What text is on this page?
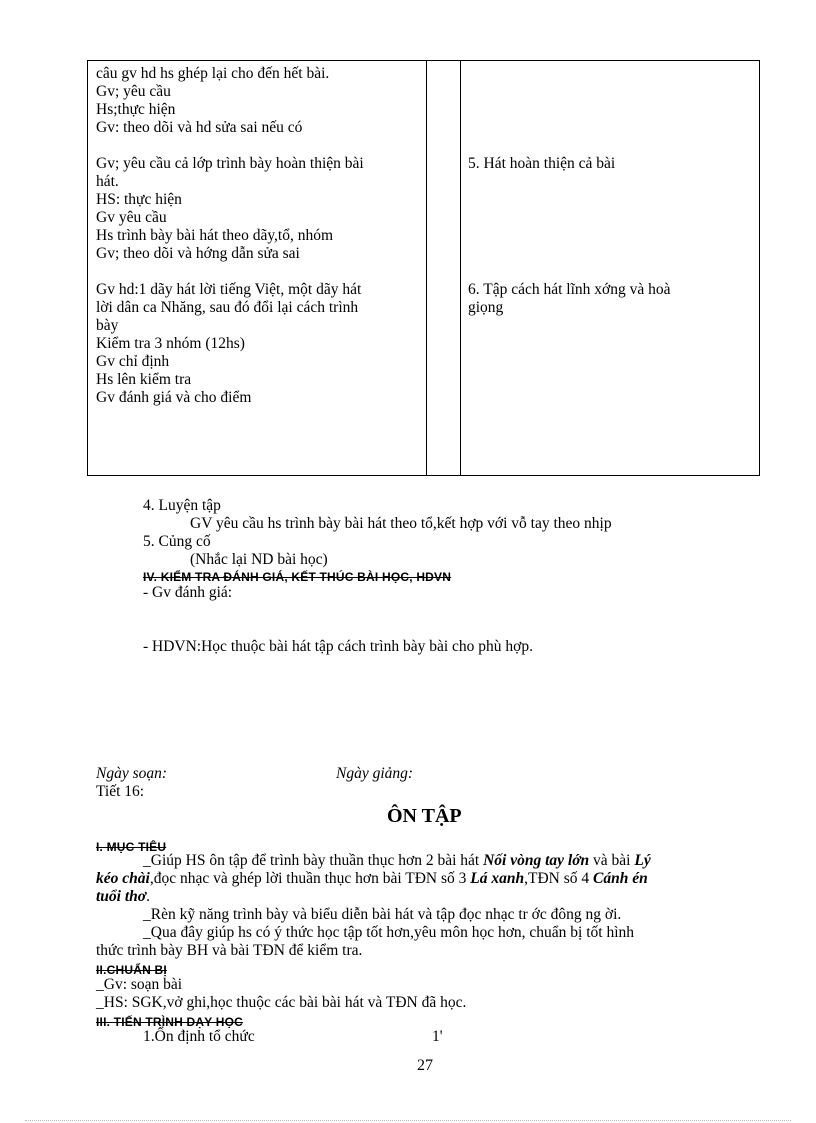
câu gv hd hs ghép lại cho đến hết bài.
Gv; yêu cầu
Hs;thực hiện
Gv: theo dõi và hd sửa sai nếu có
Gv; yêu cầu cả lớp trình bày hoàn thiện bài
hát.
HS: thực hiện
Gv yêu cầu
Hs trình bày bài hát theo dãy,tổ, nhóm
Gv; theo dõi và hớng dẫn sửa sai
Gv hd:1 dãy hát lời tiếng Việt, một dãy hát
lời dân ca Nhăng, sau đó đổi lại cách trình
bày
Kiểm tra 3 nhóm (12hs)
Gv chỉ định
Hs lên kiểm tra
Gv đánh giá và cho điểm
5. Hát hoàn thiện cả bài
6. Tập cách hát lĩnh xớng và hoà
giọng
4. Luyện tập
GV yêu cầu hs trình bày bài hát theo tổ,kết hợp với vỗ tay theo nhịp
5. Củng cố
(Nhắc lại ND bài học)
IV. KIỂM TRA ĐÁNH GIÁ, KẾT THÚC BÀI HỌC, HDVN
- Gv đánh giá:
- HDVN:Học thuộc bài hát tập cách trình bày bài cho phù hợp.
Ngày soạn:	Ngày giảng:
Tiết 16:
ÔN TẬP
I. MỤC TIÊU
_Giúp HS ôn tập để trình bày thuần thục hơn 2 bài hát Nối vòng tay lớn và bài Lý
kéo chài,đọc nhạc và ghép lời thuần thục hơn bài TĐN số 3 Lá xanh,TĐN số 4 Cánh én
tuổi thơ.
_Rèn kỹ năng trình bày và biểu diễn bài hát và tập đọc nhạc tr ớc đông ng ời.
_Qua đây giúp hs có ý thức học tập tốt hơn,yêu môn học hơn, chuẩn bị tốt hình
thức trình bày BH và bài TĐN để kiểm tra.
II.CHUẨN BỊ
_Gv: soạn bài
_HS: SGK,vở ghi,học thuộc các bài bài hát và TĐN đã học.
III. TIẾN TRÌNH DẠY HỌC
1.Ổn định tổ chức	1'
27
